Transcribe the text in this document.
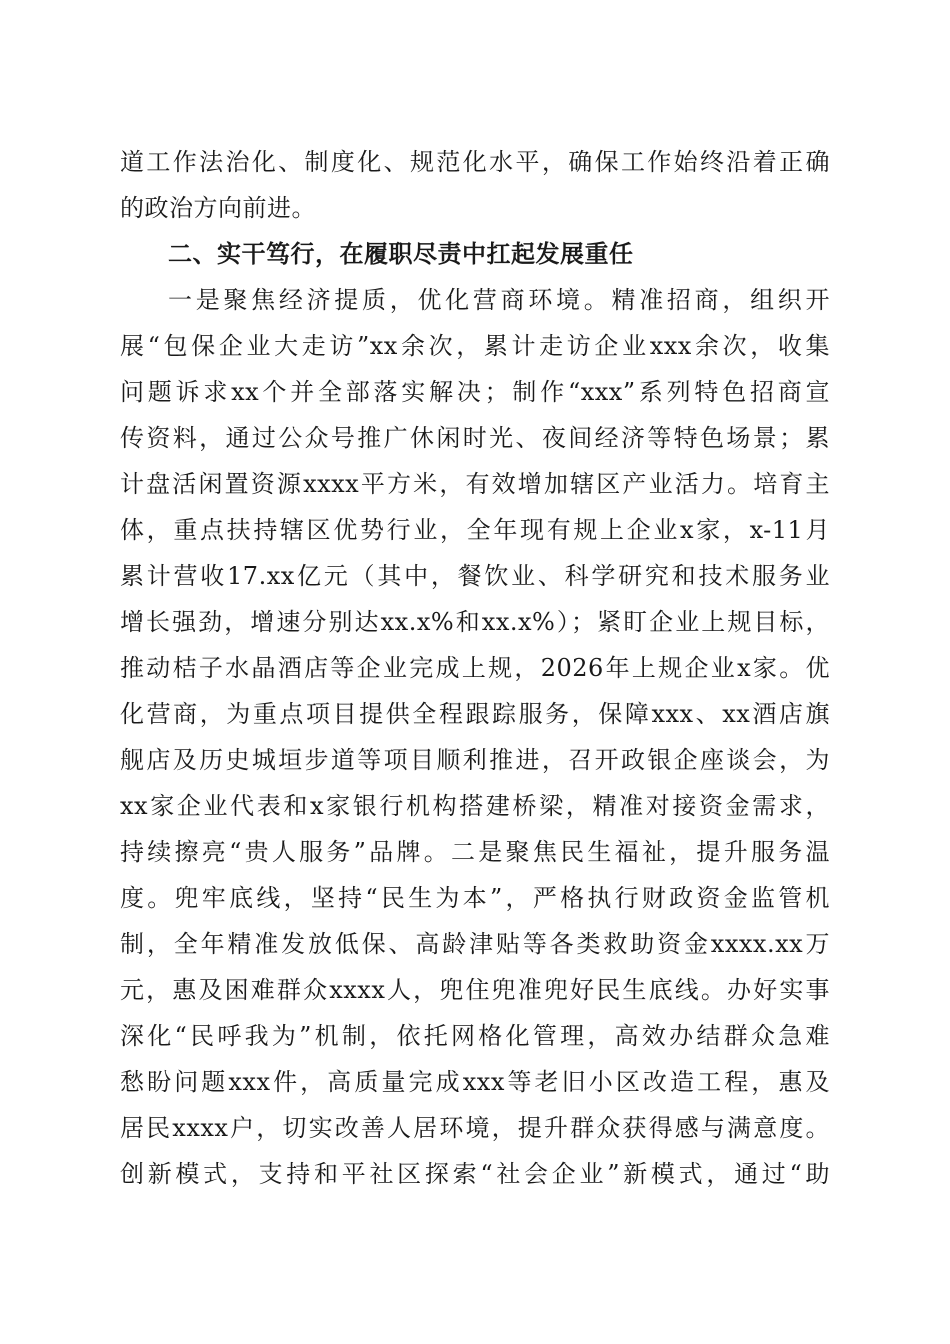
道工作法治化、制度化、规范化水平，确保工作始终沿着正确
的政治方向前进。
二、实干笃行，在履职尽责中扛起发展重任
一是聚焦经济提质，优化营商环境。精准招商，组织开
展“包保企业大走访”xx余次，累计走访企业xxx余次，收集
问题诉求xx个并全部落实解决；制作“xxx”系列特色招商宣
传资料，通过公众号推广休闲时光、夜间经济等特色场景；累
计盘活闲置资源xxxx平方米，有效增加辖区产业活力。培育主
体，重点扶持辖区优势行业，全年现有规上企业x家，x-11月
累计营收17.xx亿元（其中，餐饮业、科学研究和技术服务业
增长强劲，增速分别达xx.x%和xx.x%）；紧盯企业上规目标，
推动桔子水晶酒店等企业完成上规，2026年上规企业x家。优
化营商，为重点项目提供全程跟踪服务，保障xxx、xx酒店旗
舰店及历史城垣步道等项目顺利推进，召开政银企座谈会，为
xx家企业代表和x家银行机构搭建桥梁，精准对接资金需求，
持续擦亮“贵人服务”品牌。二是聚焦民生福祉，提升服务温
度。兜牢底线，坚持“民生为本”，严格执行财政资金监管机
制，全年精准发放低保、高龄津贴等各类救助资金xxxx.xx万
元，惠及困难群众xxxx人，兜住兜准兜好民生底线。办好实事
深化“民呼我为”机制，依托网格化管理，高效办结群众急难
愁盼问题xxx件，高质量完成xxx等老旧小区改造工程，惠及
居民xxxx户，切实改善人居环境，提升群众获得感与满意度。
创新模式，支持和平社区探索“社会企业”新模式，通过“助
